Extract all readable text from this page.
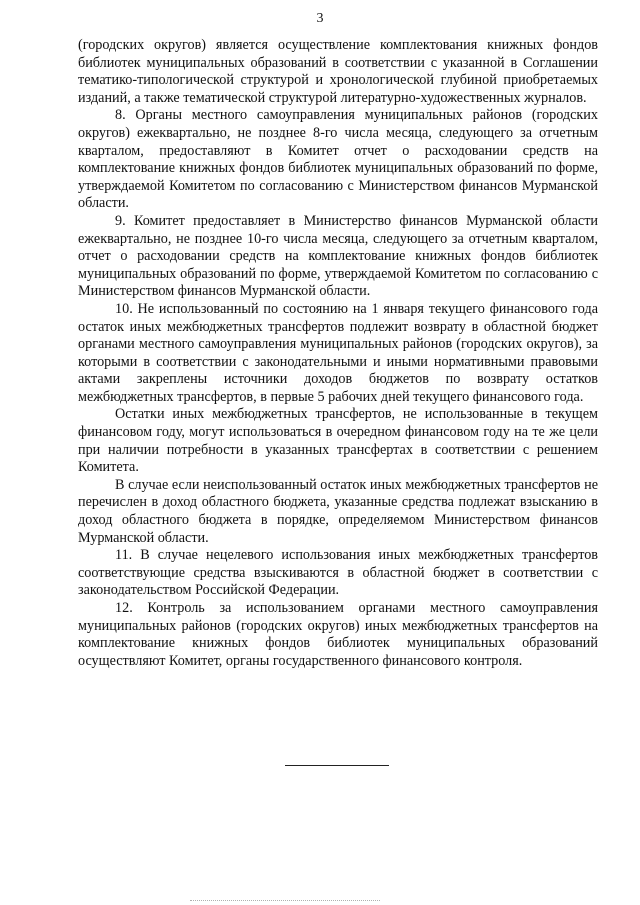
3

(городских округов) является осуществление комплектования книжных фондов библиотек муниципальных образований в соответствии с указанной в Соглашении тематико-типологической структурой и хронологической глубиной приобретаемых изданий, а также тематической структурой литературно-художественных журналов.

8. Органы местного самоуправления муниципальных районов (городских округов) ежеквартально, не позднее 8-го числа месяца, следующего за отчетным кварталом, предоставляют в Комитет отчет о расходовании средств на комплектование книжных фондов библиотек муниципальных образований по форме, утверждаемой Комитетом по согласованию с Министерством финансов Мурманской области.

9. Комитет предоставляет в Министерство финансов Мурманской области ежеквартально, не позднее 10-го числа месяца, следующего за отчетным кварталом, отчет о расходовании средств на комплектование книжных фондов библиотек муниципальных образований по форме, утверждаемой Комитетом по согласованию с Министерством финансов Мурманской области.

10. Не использованный по состоянию на 1 января текущего финансового года остаток иных межбюджетных трансфертов подлежит возврату в областной бюджет органами местного самоуправления муниципальных районов (городских округов), за которыми в соответствии с законодательными и иными нормативными правовыми актами закреплены источники доходов бюджетов по возврату остатков межбюджетных трансфертов, в первые 5 рабочих дней текущего финансового года.

Остатки иных межбюджетных трансфертов, не использованные в текущем финансовом году, могут использоваться в очередном финансовом году на те же цели при наличии потребности в указанных трансфертах в соответствии с решением Комитета.

В случае если неиспользованный остаток иных межбюджетных трансфертов не перечислен в доход областного бюджета, указанные средства подлежат взысканию в доход областного бюджета в порядке, определяемом Министерством финансов Мурманской области.

11. В случае нецелевого использования иных межбюджетных трансфертов соответствующие средства взыскиваются в областной бюджет в соответствии с законодательством Российской Федерации.

12. Контроль за использованием органами местного самоуправления муниципальных районов (городских округов) иных межбюджетных трансфертов на комплектование книжных фондов библиотек муниципальных образований осуществляют Комитет, органы государственного финансового контроля.
